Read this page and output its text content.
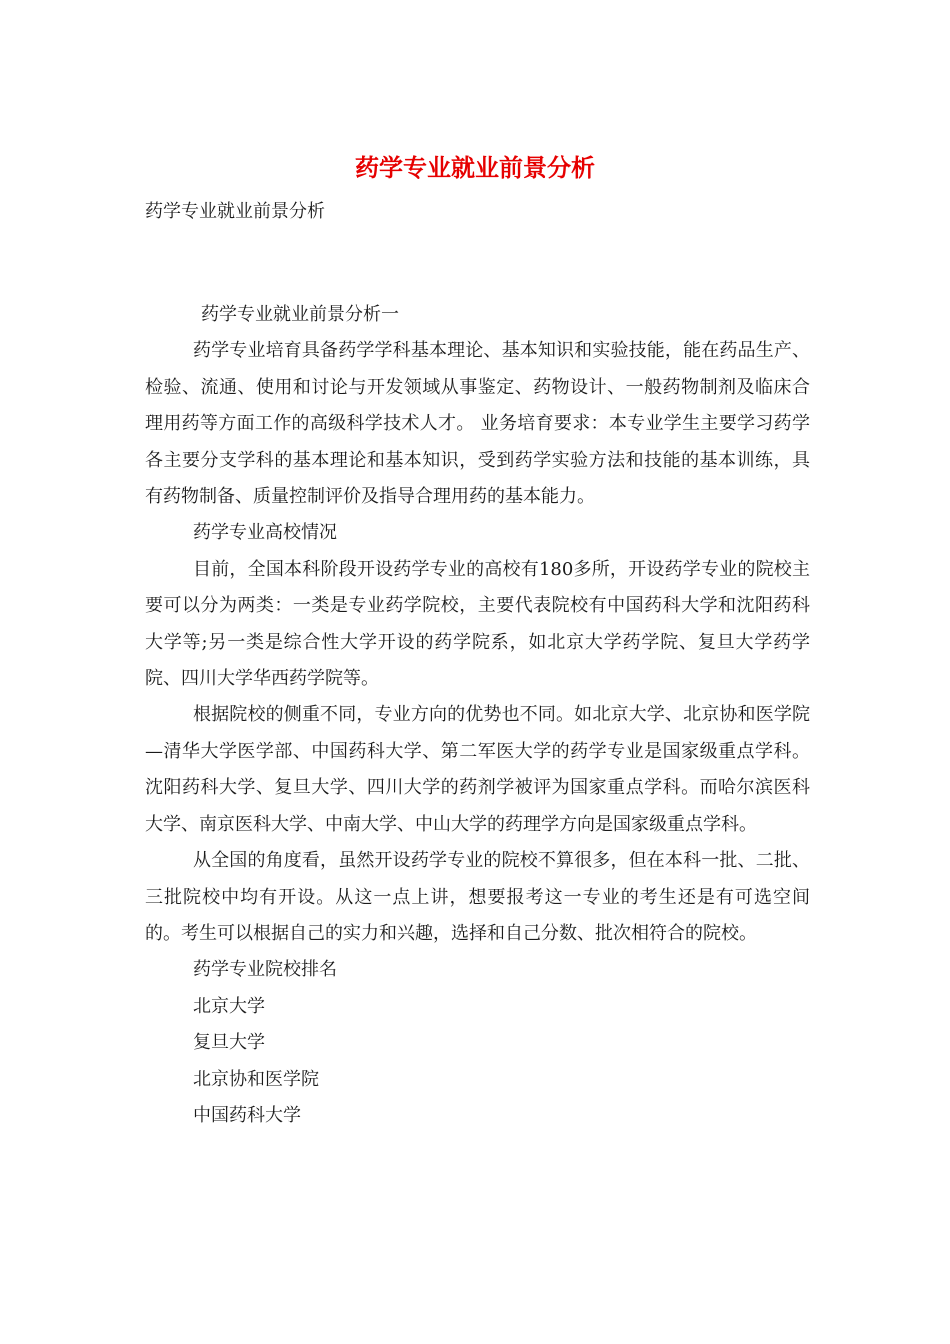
药学专业就业前景分析
药学专业就业前景分析

药学专业就业前景分析一

药学专业培育具备药学学科基本理论、基本知识和实验技能，能在药品生产、检验、流通、使用和讨论与开发领域从事鉴定、药物设计、一般药物制剂及临床合理用药等方面工作的高级科学技术人才。 业务培育要求：本专业学生主要学习药学各主要分支学科的基本理论和基本知识，受到药学实验方法和技能的基本训练，具有药物制备、质量控制评价及指导合理用药的基本能力。

药学专业高校情况

目前，全国本科阶段开设药学专业的高校有180多所，开设药学专业的院校主要可以分为两类：一类是专业药学院校，主要代表院校有中国药科大学和沈阳药科大学等;另一类是综合性大学开设的药学院系，如北京大学药学院、复旦大学药学院、四川大学华西药学院等。

根据院校的侧重不同，专业方向的优势也不同。如北京大学、北京协和医学院—清华大学医学部、中国药科大学、第二军医大学的药学专业是国家级重点学科。沈阳药科大学、复旦大学、四川大学的药剂学被评为国家重点学科。而哈尔滨医科大学、南京医科大学、中南大学、中山大学的药理学方向是国家级重点学科。

从全国的角度看，虽然开设药学专业的院校不算很多，但在本科一批、二批、三批院校中均有开设。从这一点上讲，想要报考这一专业的考生还是有可选空间的。考生可以根据自己的实力和兴趣，选择和自己分数、批次相符合的院校。

药学专业院校排名

北京大学

复旦大学

北京协和医学院

中国药科大学
